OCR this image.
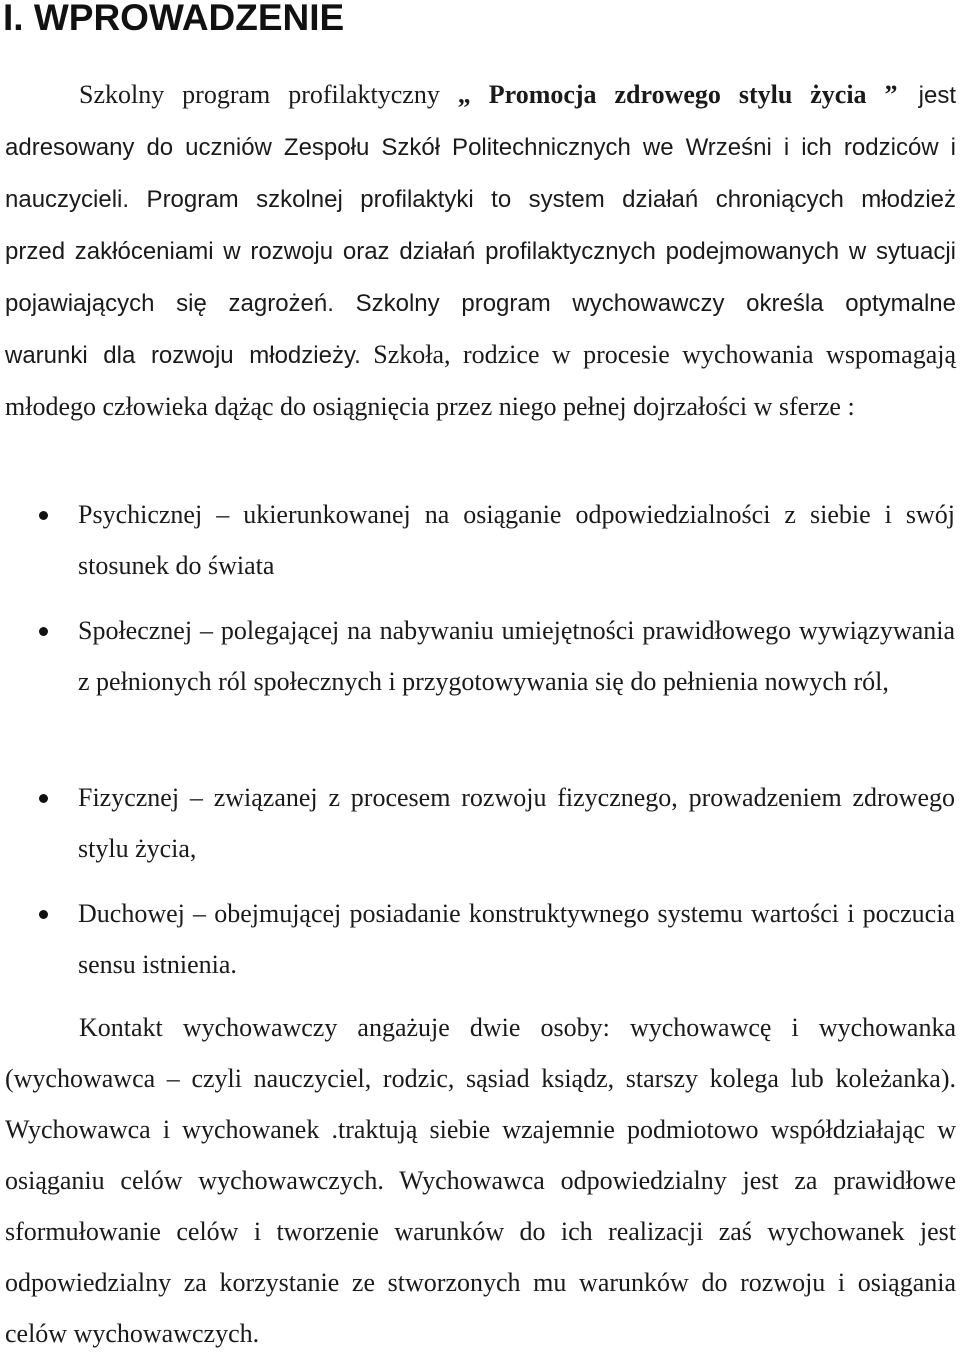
I. WPROWADZENIE

Szkolny program profilaktyczny „ Promocja zdrowego stylu życia ” jest adresowany do uczniów Zespołu Szkół Politechnicznych we Wrześni i ich rodziców i nauczycieli. Program szkolnej profilaktyki to system działań chroniących młodzież przed zakłóceniami w rozwoju oraz działań profilaktycznych podejmowanych w sytuacji pojawiających się zagrożeń. Szkolny program wychowawczy określa optymalne warunki dla rozwoju młodzieży. Szkoła, rodzice w procesie wychowania wspomagają młodego człowieka dążąc do osiągnięcia przez niego pełnej dojrzałości w sferze :

Psychicznej – ukierunkowanej na osiąganie odpowiedzialności z siebie i swój stosunek do świata
Społecznej – polegającej na nabywaniu umiejętności prawidłowego wywiązywania z pełnionych ról społecznych i przygotowywania się do pełnienia nowych ról,
Fizycznej – związanej z procesem rozwoju fizycznego, prowadzeniem zdrowego stylu życia,
Duchowej – obejmującej posiadanie konstruktywnego systemu wartości i poczucia sensu istnienia.

Kontakt wychowawczy angażuje dwie osoby: wychowawcę i wychowanka (wychowawca – czyli nauczyciel, rodzic, sąsiad ksiądz, starszy kolega lub koleżanka). Wychowawca i wychowanek .traktują siebie wzajemnie podmiotowo współdziałając w osiąganiu celów wychowawczych. Wychowawca odpowiedzialny jest za prawidłowe sformułowanie celów i tworzenie warunków do ich realizacji zaś wychowanek jest odpowiedzialny za korzystanie ze stworzonych mu warunków do rozwoju i osiągania celów wychowawczych.
